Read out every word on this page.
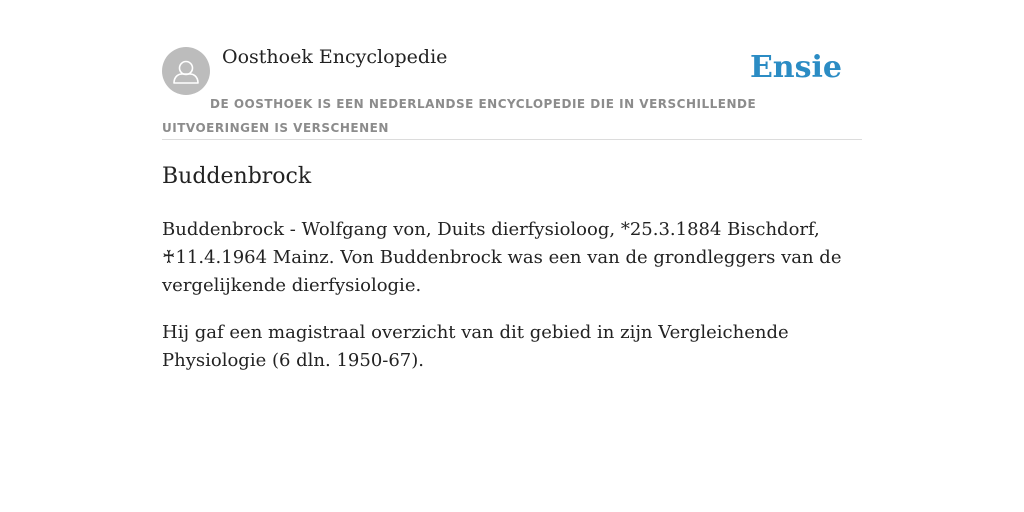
Oosthoek Encyclopedie	Ensie
DE OOSTHOEK IS EEN NEDERLANDSE ENCYCLOPEDIE DIE IN VERSCHILLENDE UITVOERINGEN IS VERSCHENEN
Buddenbrock

Buddenbrock - Wolfgang von, Duits dierfysioloog, *25.3.1884 Bischdorf, ♰11.4.1964 Mainz. Von Buddenbrock was een van de grondleggers van de vergelijkende dierfysiologie.

Hij gaf een magistraal overzicht van dit gebied in zijn Vergleichende Physiologie (6 dln. 1950-67).
